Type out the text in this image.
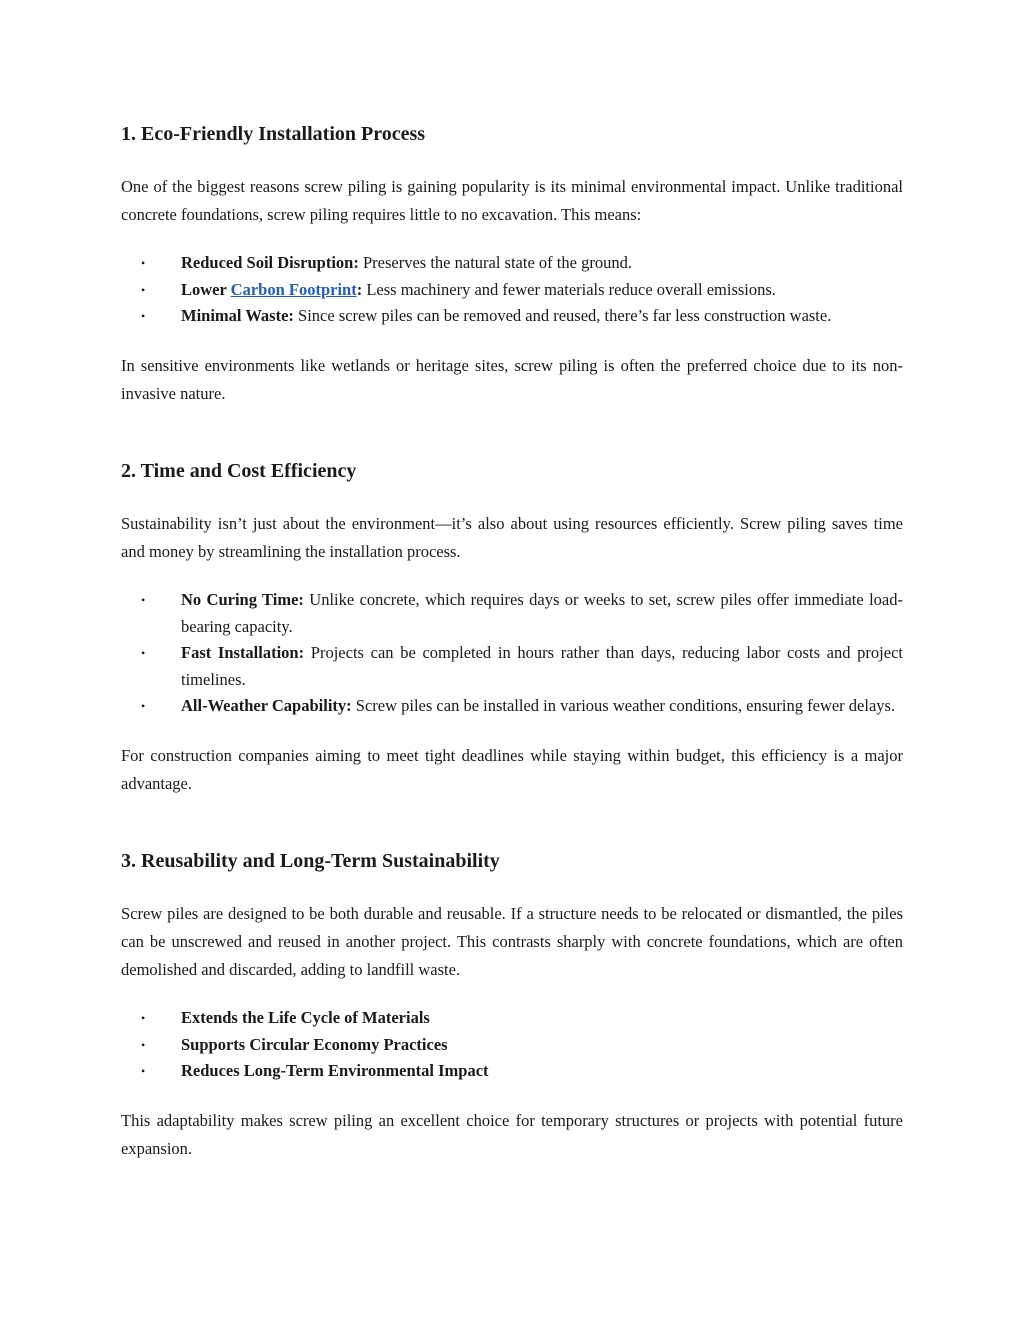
1. Eco-Friendly Installation Process

One of the biggest reasons screw piling is gaining popularity is its minimal environmental impact. Unlike traditional concrete foundations, screw piling requires little to no excavation. This means:

• Reduced Soil Disruption: Preserves the natural state of the ground.
• Lower Carbon Footprint: Less machinery and fewer materials reduce overall emissions.
• Minimal Waste: Since screw piles can be removed and reused, there’s far less construction waste.

In sensitive environments like wetlands or heritage sites, screw piling is often the preferred choice due to its non-invasive nature.

2. Time and Cost Efficiency

Sustainability isn’t just about the environment—it’s also about using resources efficiently. Screw piling saves time and money by streamlining the installation process.

• No Curing Time: Unlike concrete, which requires days or weeks to set, screw piles offer immediate load-bearing capacity.
• Fast Installation: Projects can be completed in hours rather than days, reducing labor costs and project timelines.
• All-Weather Capability: Screw piles can be installed in various weather conditions, ensuring fewer delays.

For construction companies aiming to meet tight deadlines while staying within budget, this efficiency is a major advantage.

3. Reusability and Long-Term Sustainability

Screw piles are designed to be both durable and reusable. If a structure needs to be relocated or dismantled, the piles can be unscrewed and reused in another project. This contrasts sharply with concrete foundations, which are often demolished and discarded, adding to landfill waste.

• Extends the Life Cycle of Materials
• Supports Circular Economy Practices
• Reduces Long-Term Environmental Impact

This adaptability makes screw piling an excellent choice for temporary structures or projects with potential future expansion.
